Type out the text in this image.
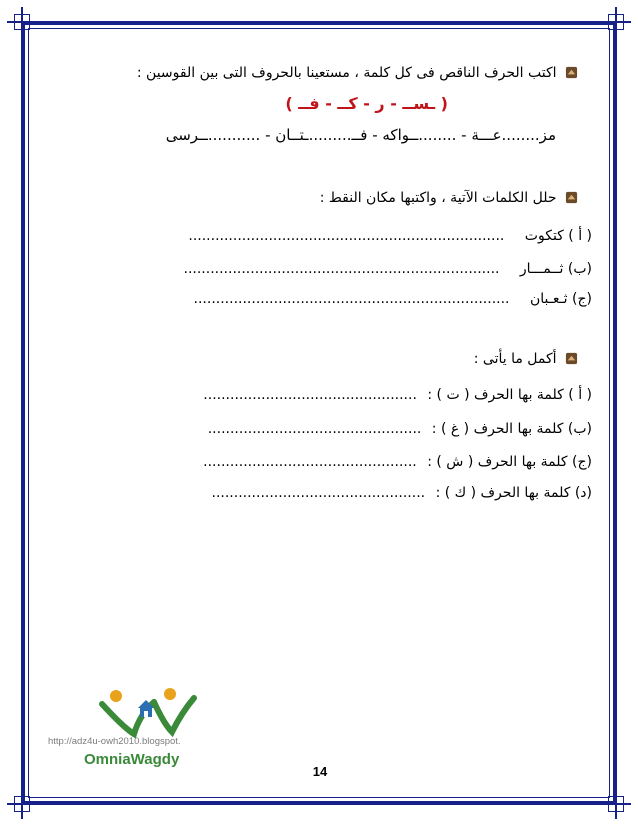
اكتب الحرف الناقص فى كل كلمة ، مستعينا بالحروف التى بين القوسين :
( ـســ - ر - كــ - فــ )
مز........عـــة - ........ــواكه - فــ.........ـتــان - ...........ــرسى
حلل الكلمات الآتية ، واكتبها مكان النقط :
( أ ) كتكوت .......................................................................
(ب) ثــمـــار .......................................................................
(ج) ثـعـبان .......................................................................
أكمل ما يأتى :
( أ ) كلمة بها الحرف ( ت ) : ................................................
(ب) كلمة بها الحرف ( غ ) : ................................................
(ج) كلمة بها الحرف ( ش ) : ................................................
(د) كلمة بها الحرف ( ك ) : ................................................
http://adz4u-owh2010.blogspot.
OmniaWagdy
14
